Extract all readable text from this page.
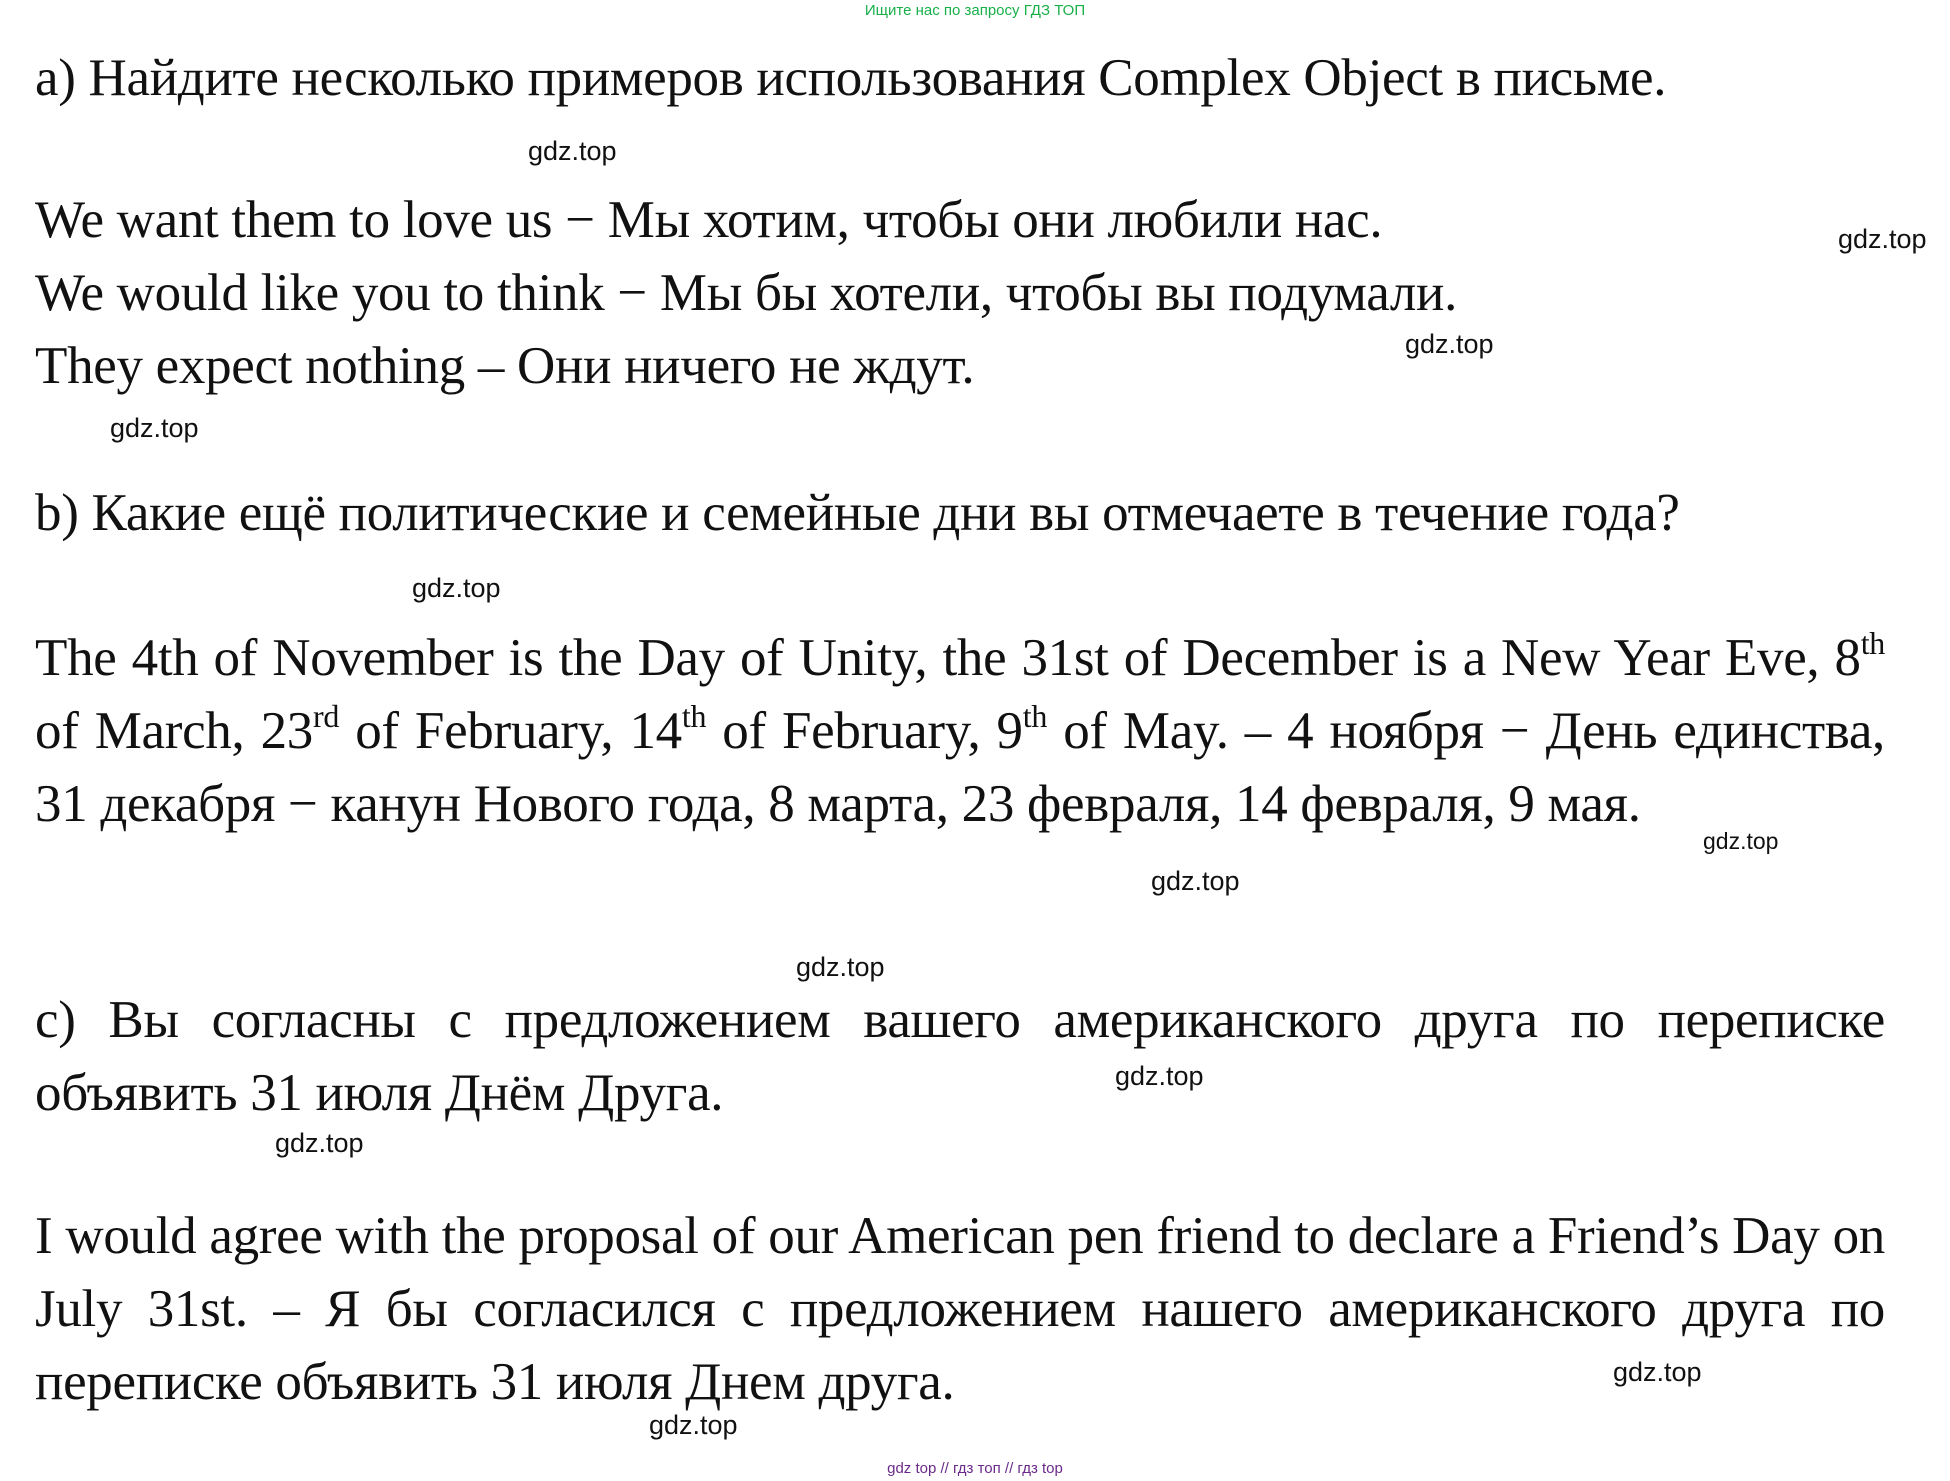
Ищите нас по запросу ГДЗ ТОП
a) Найдите несколько примеров использования Complex Object в письме.
We want them to love us − Мы хотим, чтобы они любили нас.
We would like you to think − Мы бы хотели, чтобы вы подумали.
They expect nothing – Они ничего не ждут.
b) Какие ещё политические и семейные дни вы отмечаете в течение года?
The 4th of November is the Day of Unity, the 31st of December is a New Year Eve, 8th of March, 23rd of February, 14th of February, 9th of May. – 4 ноября − День единства, 31 декабря − канун Нового года, 8 марта, 23 февраля, 14 февраля, 9 мая.
c) Вы согласны с предложением вашего американского друга по переписке объявить 31 июля Днём Друга.
I would agree with the proposal of our American pen friend to declare a Friend’s Day on July 31st. – Я бы согласился с предложением нашего американского друга по переписке объявить 31 июля Днем друга.
gdz.top
gdz.top
gdz.top
gdz.top
gdz.top
gdz.top
gdz.top
gdz.top
gdz.top
gdz.top
gdz.top
gdz.top
gdz top // гдз топ // гдз top
